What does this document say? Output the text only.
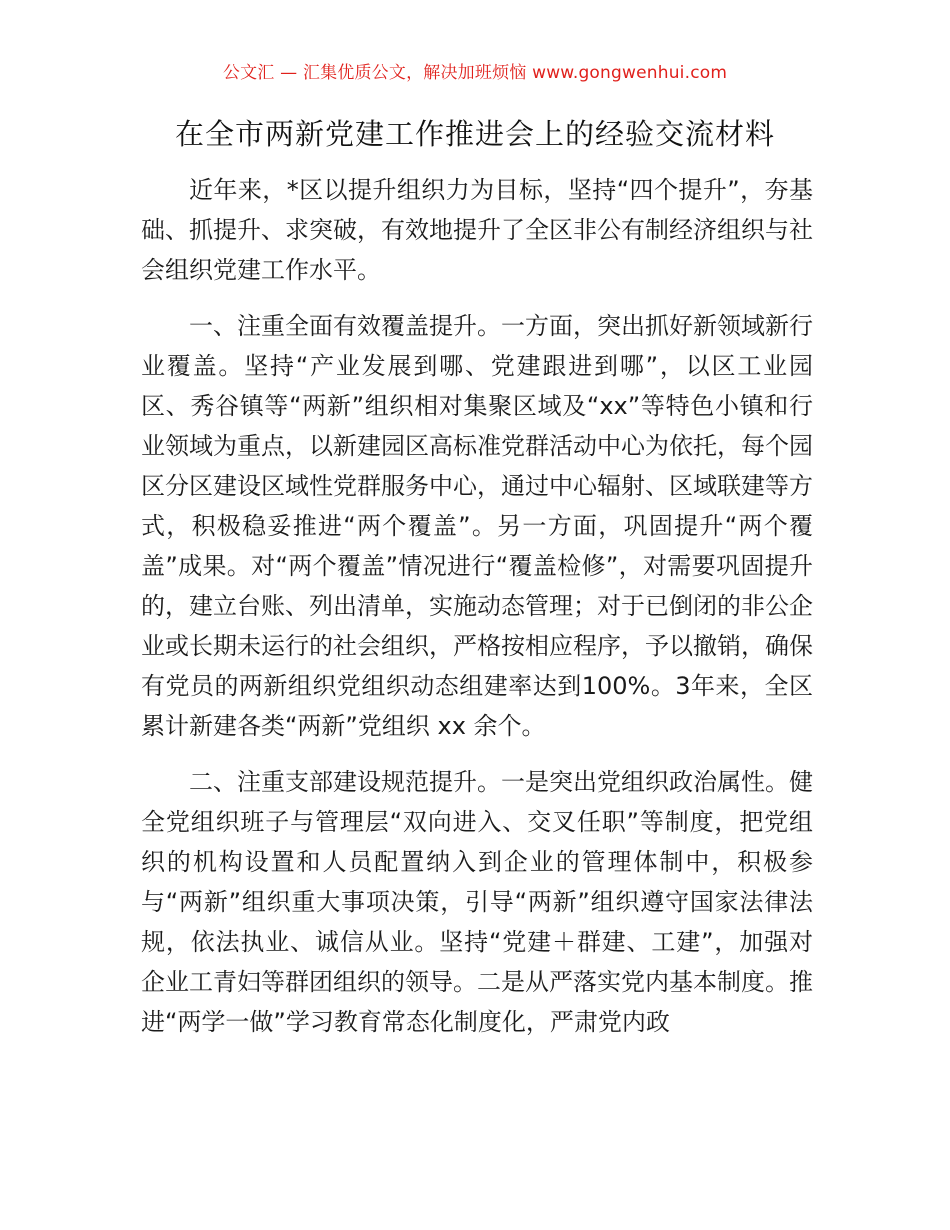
公文汇 — 汇集优质公文，解决加班烦恼 www.gongwenhui.com
在全市两新党建工作推进会上的经验交流材料

近年来，*区以提升组织力为目标，坚持“四个提升”，夯基础、抓提升、求突破，有效地提升了全区非公有制经济组织与社会组织党建工作水平。

一、注重全面有效覆盖提升。一方面，突出抓好新领域新行业覆盖。坚持“产业发展到哪、党建跟进到哪”，以区工业园区、秀谷镇等“两新”组织相对集聚区域及“xx”等特色小镇和行业领域为重点，以新建园区高标准党群活动中心为依托，每个园区分区建设区域性党群服务中心，通过中心辐射、区域联建等方式，积极稳妥推进“两个覆盖”。另一方面，巩固提升“两个覆盖”成果。对“两个覆盖”情况进行“覆盖检修”，对需要巩固提升的，建立台账、列出清单，实施动态管理；对于已倒闭的非公企业或长期未运行的社会组织，严格按相应程序，予以撤销，确保有党员的两新组织党组织动态组建率达到100%。3年来，全区累计新建各类“两新”党组织 xx 余个。

二、注重支部建设规范提升。一是突出党组织政治属性。健全党组织班子与管理层“双向进入、交叉任职”等制度，把党组织的机构设置和人员配置纳入到企业的管理体制中，积极参与“两新”组织重大事项决策，引导“两新”组织遵守国家法律法规，依法执业、诚信从业。坚持“党建＋群建、工建”，加强对企业工青妇等群团组织的领导。二是从严落实党内基本制度。推进“两学一做”学习教育常态化制度化，严肃党内政
